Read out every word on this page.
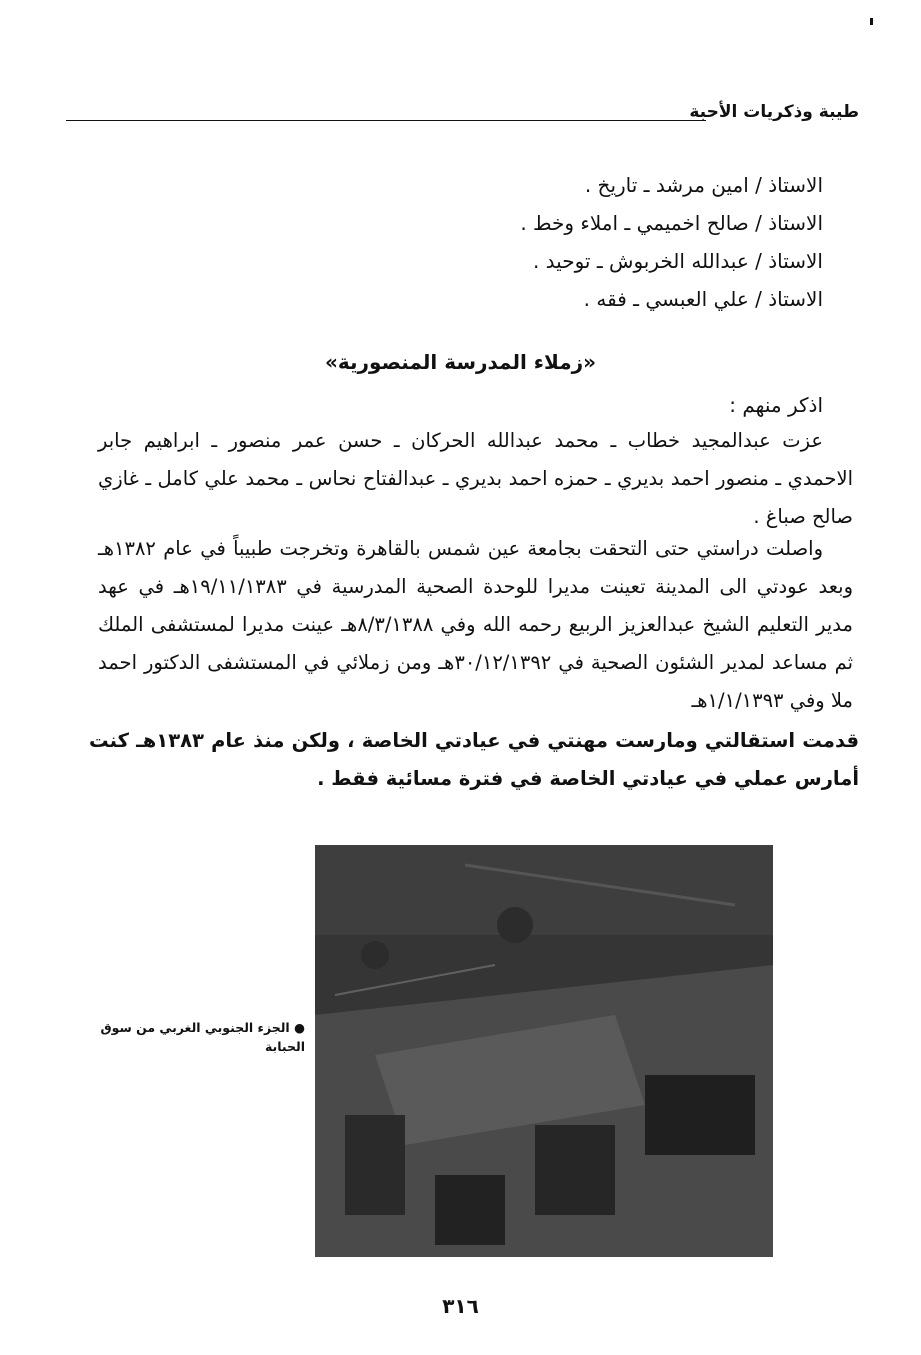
طيبة وذكريات الأحبة
الاستاذ / امين مرشد ـ تاريخ .
الاستاذ / صالح اخميمي ـ املاء وخط .
الاستاذ / عبدالله الخربوش ـ توحيد .
الاستاذ / علي العبسي ـ فقه .
«زملاء المدرسة المنصورية»
اذكر منهم :
عزت عبدالمجيد خطاب ـ محمد عبدالله الحركان ـ حسن عمر منصور ـ ابراهيم جابر الاحمدي ـ منصور احمد بديري ـ حمزه احمد بديري ـ عبدالفتاح نحاس ـ محمد علي كامل ـ غازي صالح صباغ .
واصلت دراستي حتى التحقت بجامعة عين شمس بالقاهرة وتخرجت طبيباً في عام ١٣٨٢هـ وبعد عودتي الى المدينة تعينت مديرا للوحدة الصحية المدرسية في ١٩/١١/١٣٨٣هـ في عهد مدير التعليم الشيخ عبدالعزيز الربيع رحمه الله وفي ٨/٣/١٣٨٨هـ عينت مديرا لمستشفى الملك ثم مساعد لمدير الشئون الصحية في ٣٠/١٢/١٣٩٢هـ ومن زملائي في المستشفى الدكتور احمد ملا وفي ١/١/١٣٩٣هـ
قدمت استقالتي ومارست مهنتي في عيادتي الخاصة ، ولكن منذ عام ١٣٨٣هـ كنت أمارس عملي في عيادتي الخاصة في فترة مسائية فقط .
● الجزء الجنوبي الغربي من سوق الحبابة
٣١٦
